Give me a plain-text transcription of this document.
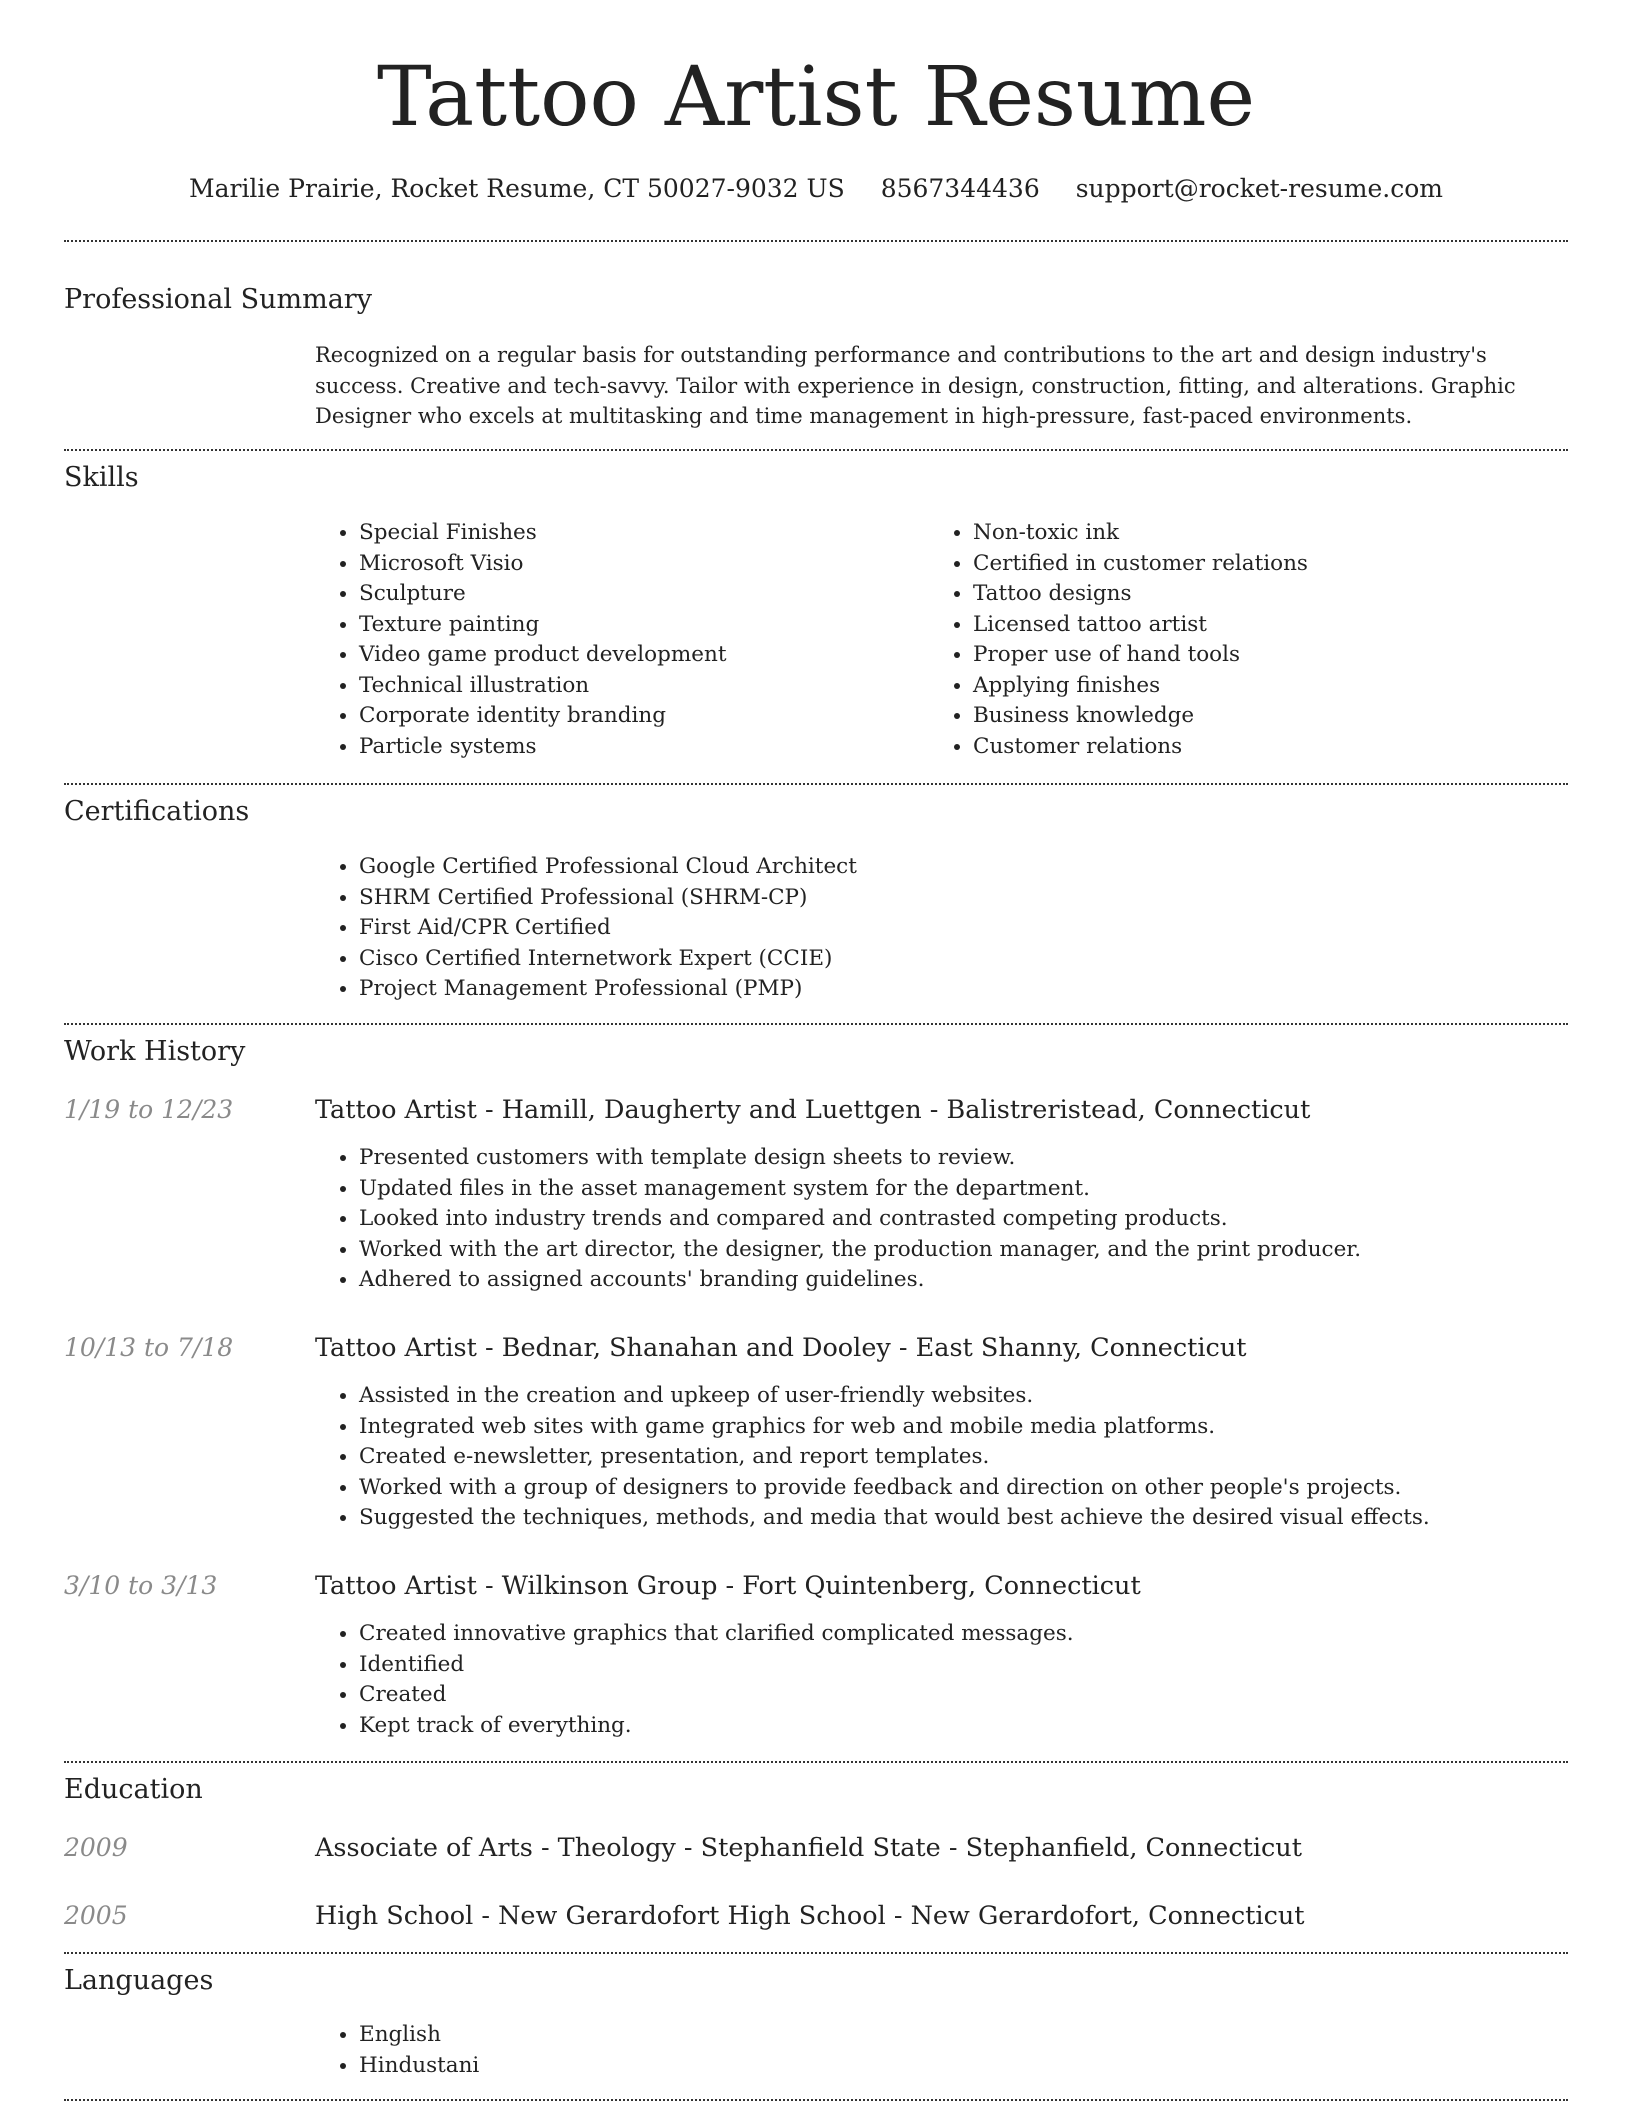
Tattoo Artist Resume
Marilie Prairie, Rocket Resume, CT 50027-9032 US 8567344436 support@rocket-resume.com
Professional Summary

Recognized on a regular basis for outstanding performance and contributions to the art and design industry's success. Creative and tech-savvy. Tailor with experience in design, construction, fitting, and alterations. Graphic Designer who excels at multitasking and time management in high-pressure, fast-paced environments.

Skills
• Special Finishes
• Microsoft Visio
• Sculpture
• Texture painting
• Video game product development
• Technical illustration
• Corporate identity branding
• Particle systems
• Non-toxic ink
• Certified in customer relations
• Tattoo designs
• Licensed tattoo artist
• Proper use of hand tools
• Applying finishes
• Business knowledge
• Customer relations
Certifications
• Google Certified Professional Cloud Architect
• SHRM Certified Professional (SHRM-CP)
• First Aid/CPR Certified
• Cisco Certified Internetwork Expert (CCIE)
• Project Management Professional (PMP)
Work History
1/19 to 12/23	Tattoo Artist - Hamill, Daugherty and Luettgen - Balistreristead, Connecticut
• Presented customers with template design sheets to review.
• Updated files in the asset management system for the department.
• Looked into industry trends and compared and contrasted competing products.
• Worked with the art director, the designer, the production manager, and the print producer.
• Adhered to assigned accounts' branding guidelines.
10/13 to 7/18	Tattoo Artist - Bednar, Shanahan and Dooley - East Shanny, Connecticut
• Assisted in the creation and upkeep of user-friendly websites.
• Integrated web sites with game graphics for web and mobile media platforms.
• Created e-newsletter, presentation, and report templates.
• Worked with a group of designers to provide feedback and direction on other people's projects.
• Suggested the techniques, methods, and media that would best achieve the desired visual effects.
3/10 to 3/13	Tattoo Artist - Wilkinson Group - Fort Quintenberg, Connecticut
• Created innovative graphics that clarified complicated messages.
• Identified
• Created
• Kept track of everything.
Education
2009	Associate of Arts - Theology - Stephanfield State - Stephanfield, Connecticut
2005	High School - New Gerardofort High School - New Gerardofort, Connecticut
Languages
• English
• Hindustani
